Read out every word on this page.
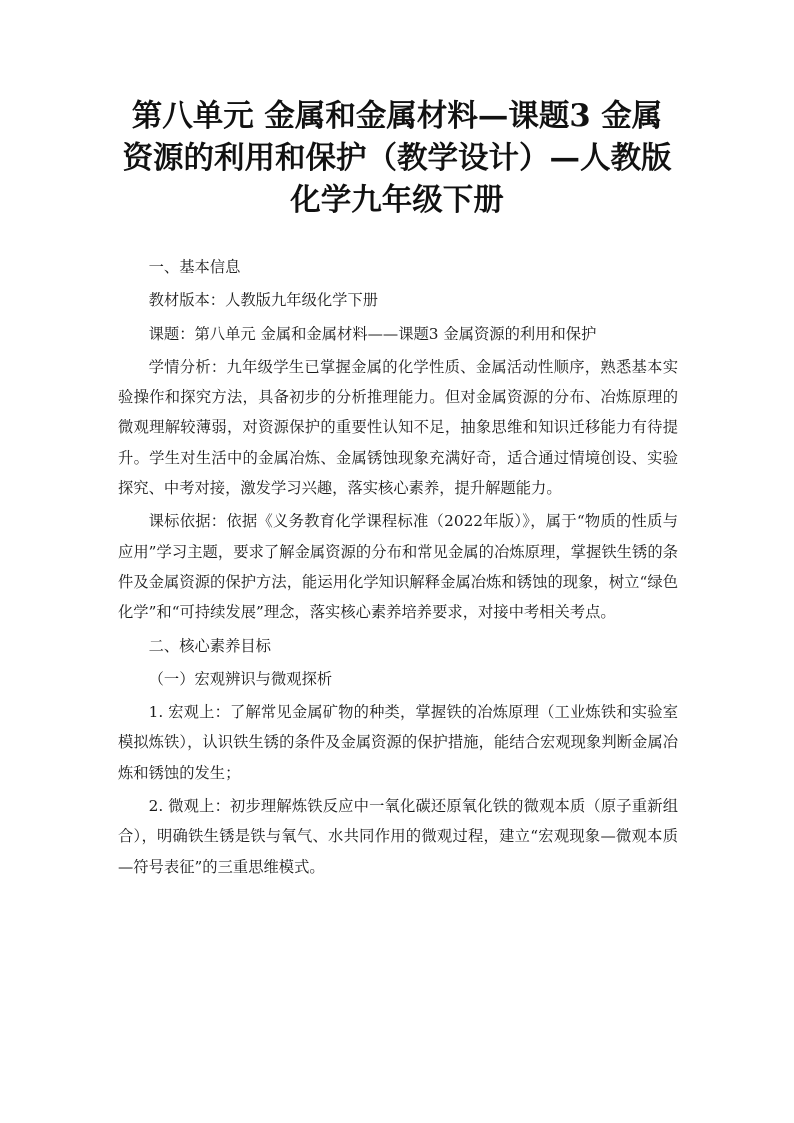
第八单元 金属和金属材料—课题3 金属资源的利用和保护（教学设计）—人教版化学九年级下册

一、基本信息

教材版本：人教版九年级化学下册

课题：第八单元 金属和金属材料——课题3 金属资源的利用和保护

学情分析：九年级学生已掌握金属的化学性质、金属活动性顺序，熟悉基本实验操作和探究方法，具备初步的分析推理能力。但对金属资源的分布、冶炼原理的微观理解较薄弱，对资源保护的重要性认知不足，抽象思维和知识迁移能力有待提升。学生对生活中的金属冶炼、金属锈蚀现象充满好奇，适合通过情境创设、实验探究、中考对接，激发学习兴趣，落实核心素养，提升解题能力。

课标依据：依据《义务教育化学课程标准（2022年版）》，属于“物质的性质与应用”学习主题，要求了解金属资源的分布和常见金属的冶炼原理，掌握铁生锈的条件及金属资源的保护方法，能运用化学知识解释金属冶炼和锈蚀的现象，树立“绿色化学”和“可持续发展”理念，落实核心素养培养要求，对接中考相关考点。

二、核心素养目标

（一）宏观辨识与微观探析

1. 宏观上：了解常见金属矿物的种类，掌握铁的冶炼原理（工业炼铁和实验室模拟炼铁），认识铁生锈的条件及金属资源的保护措施，能结合宏观现象判断金属冶炼和锈蚀的发生；

2. 微观上：初步理解炼铁反应中一氧化碳还原氧化铁的微观本质（原子重新组合），明确铁生锈是铁与氧气、水共同作用的微观过程，建立“宏观现象—微观本质—符号表征”的三重思维模式。
